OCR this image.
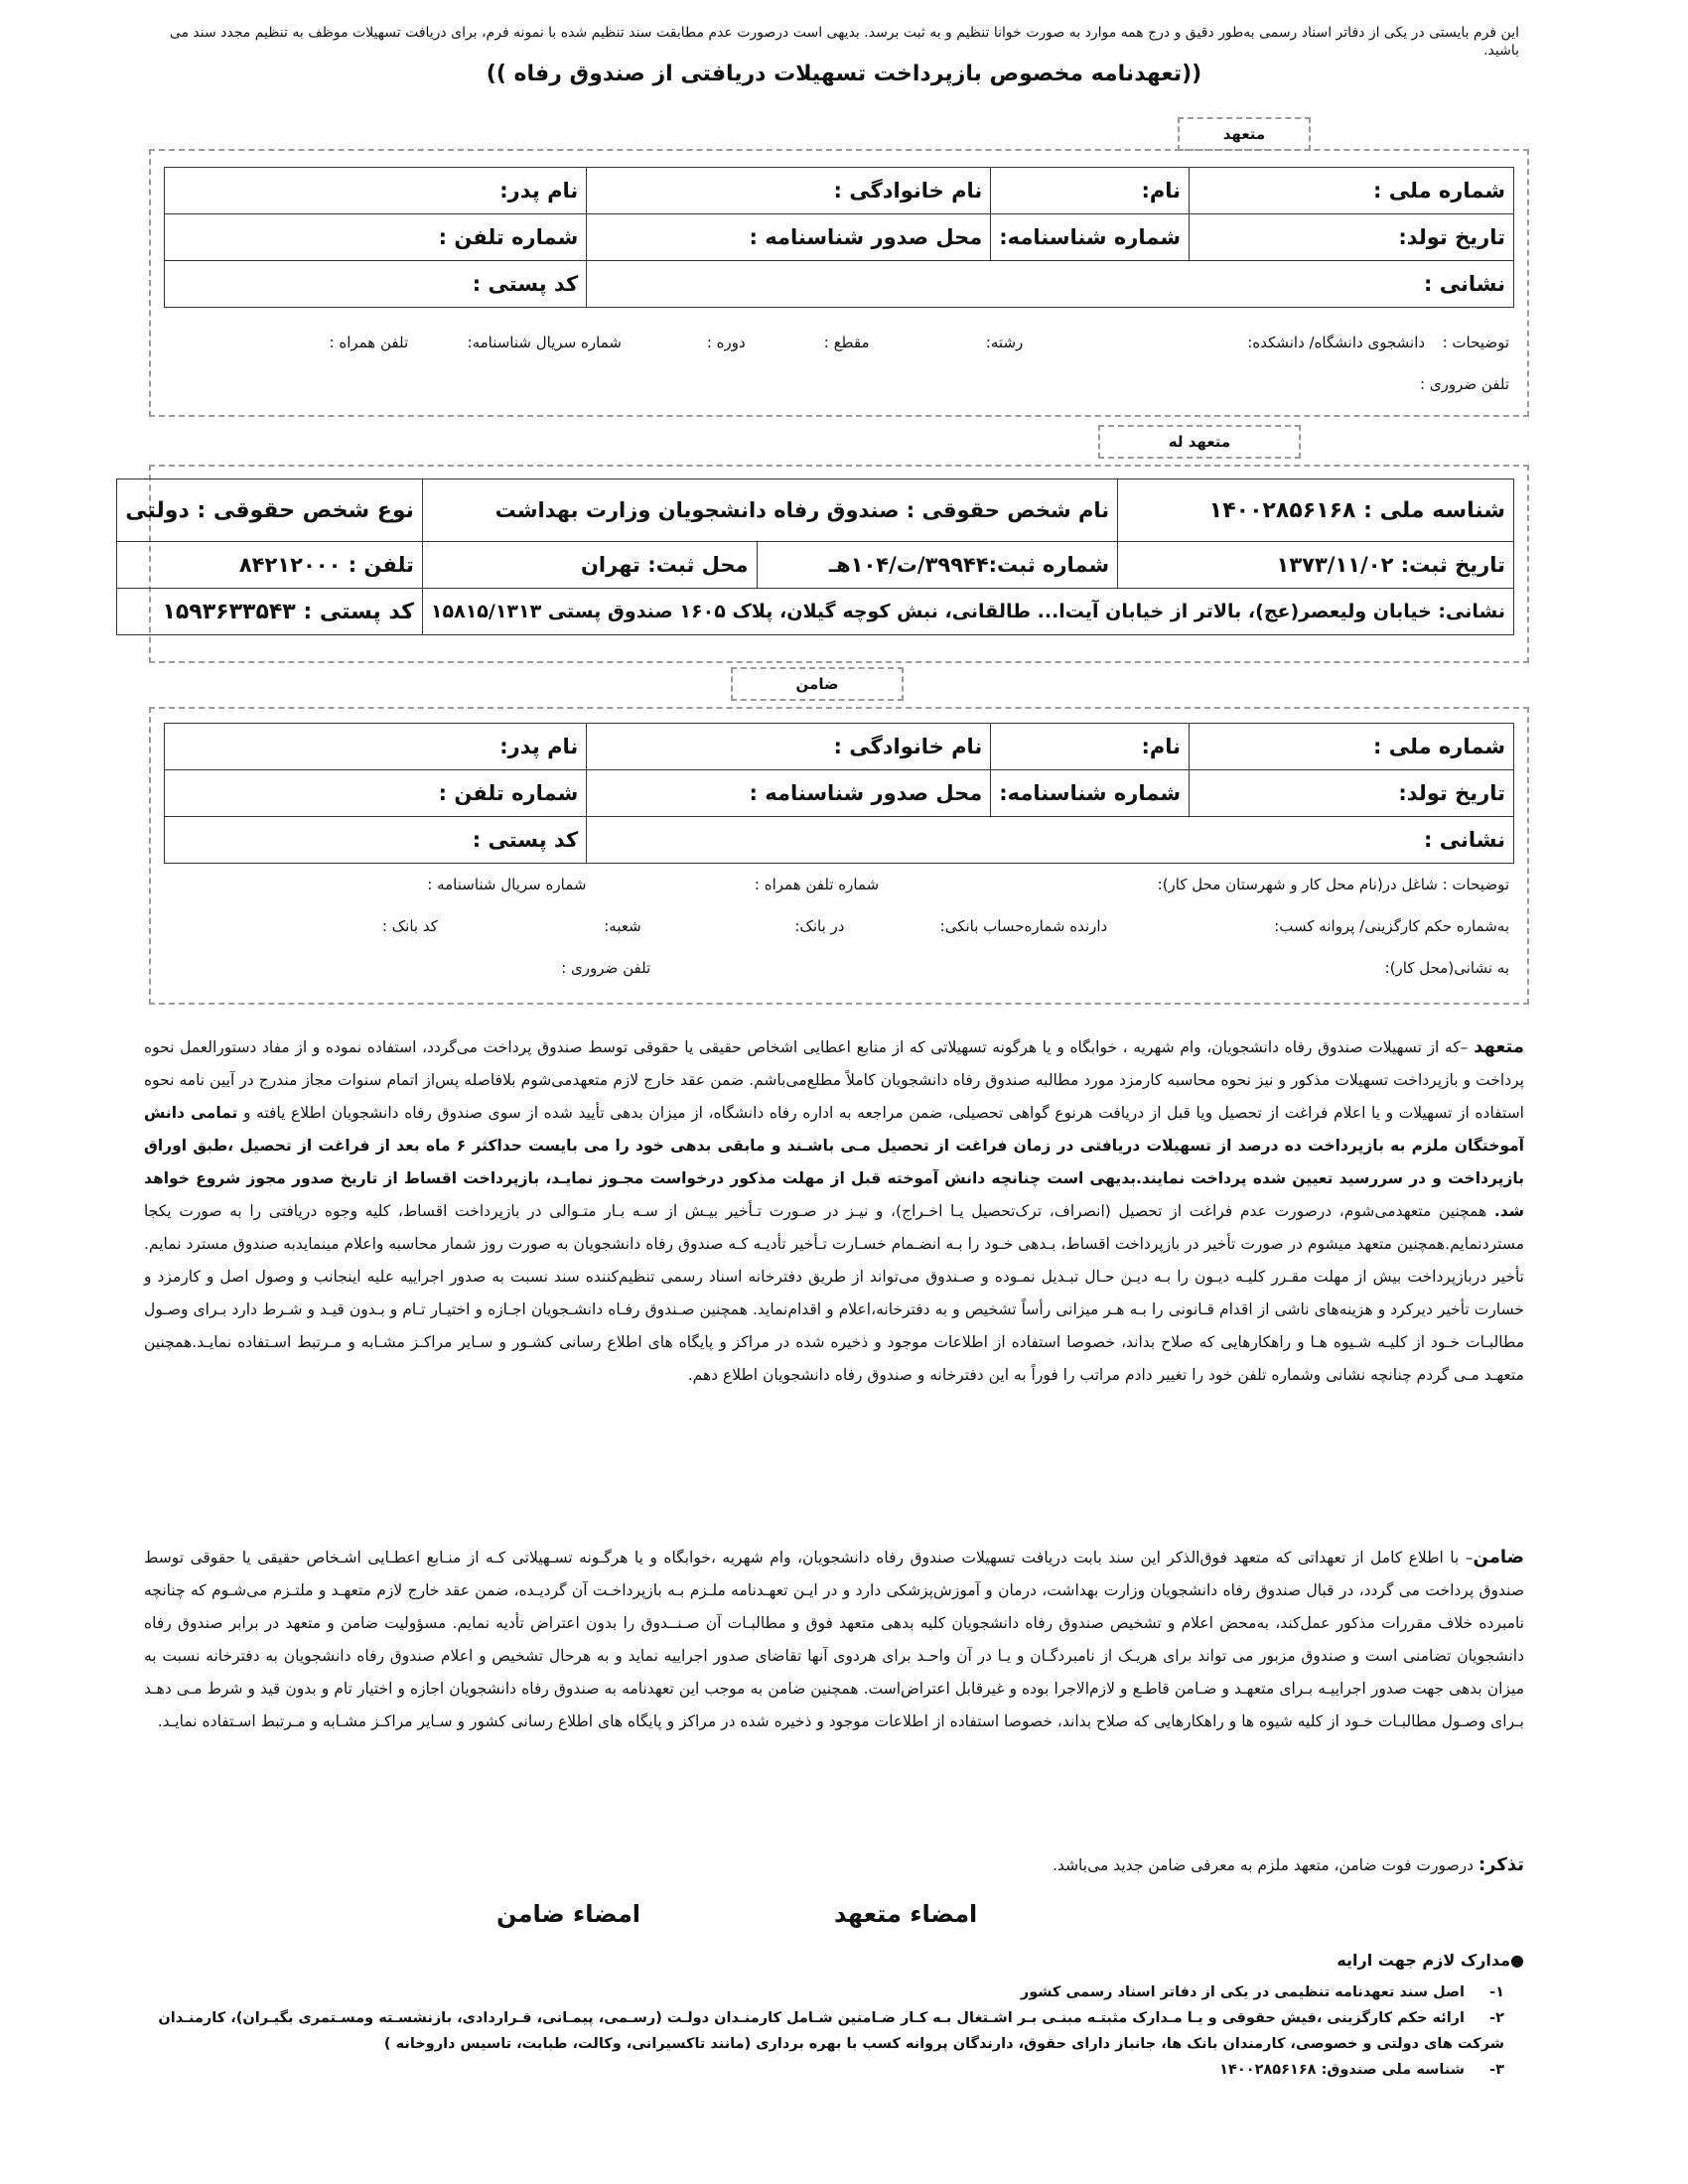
این فرم بایستی در یکی از دفاتر اسناد رسمی به‌طور دقیق و درج همه موارد به صورت خوانا تنظیم و به ثبت برسد. بدیهی است درصورت عدم مطابقت سند تنظیم شده با نمونه فرم، برای دریافت تسهیلات موظف به تنظیم مجدد سند می باشید.
((تعهدنامه مخصوص بازپرداخت تسهیلات دریافتی از صندوق رفاه ))
متعهد
شماره ملی :	نام:	نام خانوادگی :	نام پدر:
تاریخ تولد:	شماره شناسنامه:	محل صدور شناسنامه :	شماره تلفن :
نشانی :			کد پستی :
توضیحات :  دانشجوی دانشگاه/ دانشکده: رشته: مقطع : دوره : شماره سریال شناسنامه: تلفن همراه :
تلفن ضروری :
متعهد له
شناسه ملی : ۱۴۰۰۲۸۵۶۱۶۸	نام شخص حقوقی : صندوق رفاه دانشجویان وزارت بهداشت		نوع شخص حقوقی : دولتی
تاریخ ثبت: ۱۳۷۳/۱۱/۰۲	شماره ثبت:۳۹۹۴۴/ت/۱۰۴هـ	محل ثبت: تهران	تلفن : ۸۴۲۱۲۰۰۰
نشانی: خیابان ولیعصر(عج)، بالاتر از خیابان آیت‌ا... طالقانی، نبش کوچه گیلان، پلاک ۱۶۰۵ صندوق پستی ۱۵۸۱۵/۱۳۱۳			کد پستی : ۱۵۹۳۶۳۳۵۴۳
ضامن
شماره ملی :	نام:	نام خانوادگی :	نام پدر:
تاریخ تولد:	شماره شناسنامه:	محل صدور شناسنامه :	شماره تلفن :
نشانی :			کد پستی :
توضیحات : شاغل در(نام محل کار و شهرستان محل کار): شماره تلفن همراه : شماره سریال شناسنامه :
به‌شماره حکم کارگزینی/ پروانه کسب: دارنده شماره‌حساب بانکی: در بانک: شعبه: کد بانک :
به نشانی(محل کار): تلفن ضروری :
متعهد –که از تسهیلات صندوق رفاه دانشجویان، وام شهریه ، خوابگاه و یا هرگونه تسهیلاتی که از منابع اعطایی اشخاص حقیقی یا حقوقی توسط صندوق پرداخت می‌گردد، استفاده نموده و از مفاد دستورالعمل نحوه پرداخت و بازپرداخت تسهیلات مذکور و نیز نحوه محاسبه کارمزد مورد مطالبه صندوق رفاه دانشجویان کاملاً مطلع‌می‌باشم. ضمن عقد خارج لازم متعهدمی‌شوم بلافاصله پس‌از اتمام سنوات مجاز مندرج در آیین نامه نحوه استفاده از تسهیلات و یا اعلام فراغت از تحصیل ویا قبل از دریافت هرنوع گواهی تحصیلی، ضمن مراجعه به اداره رفاه دانشگاه، از میزان بدهی تأیید شده از سوی صندوق رفاه دانشجویان اطلاع یافته و تمامی دانش آموختگان ملزم به بازپرداخت ده درصد از تسهیلات دریافتی در زمان فراغت از تحصیل مـی باشـند و مابقی بدهی خود را می بایست حداکثر ۶ ماه بعد از فراغت از تحصیل ،طبق اوراق بازپرداخت و در سررسید تعیین شده پرداخت نمایند.بدیهی است چنانچه دانش آموخته قبل از مهلت مذکور درخواست مجـوز نمایـد، بازپرداخت اقساط از تاریخ صدور مجوز شروع خواهد شد. همچنین متعهدمی‌شوم، درصورت عدم فراغت از تحصیل (انصراف، ترک‌تحصیل یـا اخـراج)، و نیـز در صـورت تـأخیر بیـش از سـه بـار متـوالی در بازپرداخت اقساط، کلیه وجوه دریافتی را به صورت یکجا مستردنمایم.همچنین متعهد میشوم در صورت تأخیر در بازپرداخت اقساط، بـدهی خـود را بـه انضـمام خسـارت تـأخیر تأدیـه کـه صندوق رفاه دانشجویان به صورت روز شمار محاسبه واعلام مینمایدبه صندوق مسترد نمایم. تأخیر دربازپرداخت بیش از مهلت مقـرر کلیـه دیـون را بـه دیـن حـال تبـدیل نمـوده و صـندوق می‌تواند از طریق دفترخانه اسناد رسمی تنظیم‌کننده سند نسبت به صدور اجراییه علیه اینجانب و وصول اصل و کارمزد و خسارت تأخیر دیرکرد و هزینه‌های ناشی از اقدام قـانونی را بـه هـر میزانی رأساً تشخیص و به دفترخانه،اعلام و اقدام‌نماید. همچنین صـندوق رفـاه دانشـجویان اجـازه و اختیـار تـام و بـدون قیـد و شـرط دارد بـرای وصـول مطالبـات خـود از کلیـه شـیوه هـا و راهکارهایی که صلاح بداند، خصوصا استفاده از اطلاعات موجود و ذخیره شده در مراکز و پایگاه های اطلاع رسانی کشـور و سـایر مراکـز مشـابه و مـرتبط اسـتفاده نمایـد.همچنین متعهـد مـی گردم چنانچه نشانی وشماره تلفن خود را تغییر دادم مراتب را فوراً به این دفترخانه و صندوق رفاه دانشجویان اطلاع دهم.
ضامن– با اطلاع کامل از تعهداتی که متعهد فوق‌الذکر این سند بابت دریافت تسهیلات صندوق رفاه دانشجویان، وام شهریه ،خوابگاه و یا هرگـونه تسـهیلاتی کـه از منـابع اعطـایی اشـخاص حقیقی یا حقوقی توسط صندوق پرداخت می گردد، در قبال صندوق رفاه دانشجویان وزارت بهداشت، درمان و آموزش‌پزشکی دارد و در ایـن تعهـدنامه ملـزم بـه بازپرداخـت آن گردیـده، ضمن عقد خارج لازم متعهـد و ملتـزم می‌شـوم که چنانچه نامبرده خلاف مقررات مذکور عمل‌کند، به‌محض اعلام و تشخیص صندوق رفاه دانشجویان کلیه بدهی متعهد فوق و مطالبـات آن صـنــدوق را بدون اعتراض تأدیه نمایم. مسؤولیت ضامن و متعهد در برابر صندوق رفاه دانشجویان تضامنی است و صندوق مزبور می تواند برای هریـک از نامبردگـان و یـا در آن واحـد برای هردوی آنها تقاضای صدور اجراییه نماید و به هرحال تشخیص و اعلام صندوق رفاه دانشجویان به دفترخانه نسبت به میزان بدهی جهت صدور اجراییـه بـرای متعهـد و ضـامن قاطـع و لازم‌الاجرا بوده و غیرقابل اعتراض‌است. همچنین ضامن به موجب این تعهدنامه به صندوق رفاه دانشجویان اجازه و اختیار تام و بدون قید و شرط مـی دهـد بـرای وصـول مطالبـات خـود از کلیه شیوه ها و راهکارهایی که صلاح بداند، خصوصا استفاده از اطلاعات موجود و ذخیره شده در مراکز و پایگاه های اطلاع رسانی کشور و سـایر مراکـز مشـابه و مـرتبط اسـتفاده نمایـد.
تذکر: درصورت فوت ضامن، متعهد ملزم به معرفی ضامن جدید می‌باشد.
امضاء ضامن	امضاء متعهد
●مدارک لازم جهت ارایه
۱-اصل سند تعهدنامه تنظیمی در یکی از دفاتر اسناد رسمی کشور
۲-ارائه حکم کارگزینی ،فیش حقوقی و یـا مـدارک مثبتـه مبنـی بـر اشـتغال بـه کـار ضـامنین شـامل کارمنـدان دولـت (رسـمی، پیمـانی، قـراردادی، بازنشسـته ومسـتمری بگیـران)، کارمنـدان شرکت های دولتی و خصوصی، کارمندان بانک ها، جانباز دارای حقوق، دارندگان پروانه کسب با بهره برداری (مانند تاکسیرانی، وکالت، طبابت، تاسیس داروخانه )
۳-شناسه ملی صندوق: ۱۴۰۰۲۸۵۶۱۶۸
